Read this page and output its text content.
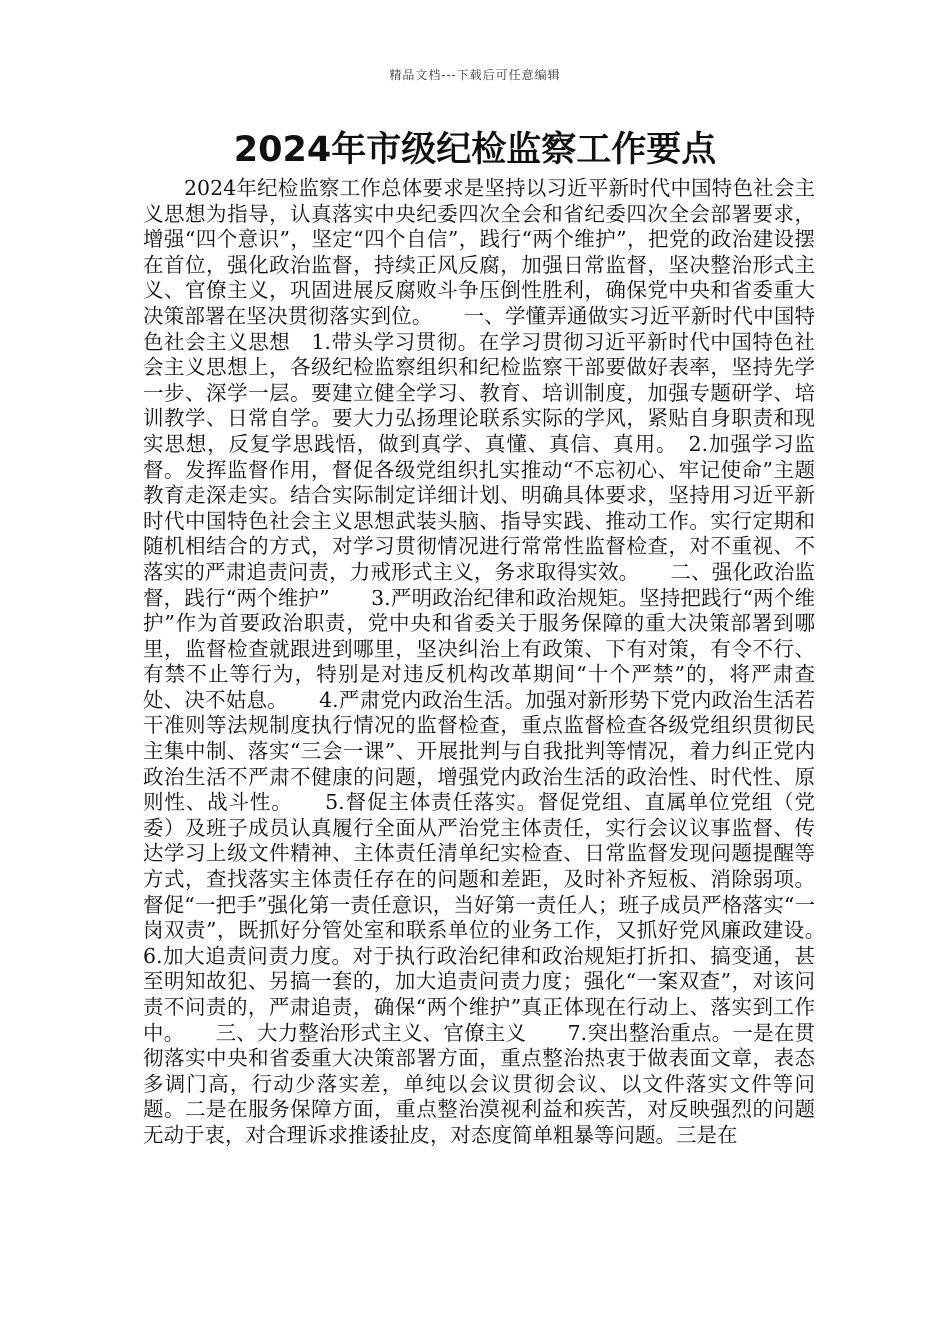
精品文档---下载后可任意编辑
2024年市级纪检监察工作要点

2024年纪检监察工作总体要求是坚持以习近平新时代中国特色社会主义思想为指导，认真落实中央纪委四次全会和省纪委四次全会部署要求，增强“四个意识”，坚定“四个自信”，践行“两个维护”，把党的政治建设摆在首位，强化政治监督，持续正风反腐，加强日常监督，坚决整治形式主义、官僚主义，巩固进展反腐败斗争压倒性胜利，确保党中央和省委重大决策部署在坚决贯彻落实到位。　　一、学懂弄通做实习近平新时代中国特色社会主义思想　1.带头学习贯彻。在学习贯彻习近平新时代中国特色社会主义思想上，各级纪检监察组织和纪检监察干部要做好表率，坚持先学一步、深学一层。要建立健全学习、教育、培训制度，加强专题研学、培训教学、日常自学。要大力弘扬理论联系实际的学风，紧贴自身职责和现实思想，反复学思践悟，做到真学、真懂、真信、真用。　2.加强学习监督。发挥监督作用，督促各级党组织扎实推动“不忘初心、牢记使命”主题教育走深走实。结合实际制定详细计划、明确具体要求，坚持用习近平新时代中国特色社会主义思想武装头脑、指导实践、推动工作。实行定期和随机相结合的方式，对学习贯彻情况进行常常性监督检查，对不重视、不落实的严肃追责问责，力戒形式主义，务求取得实效。　　二、强化政治监督，践行“两个维护”　　3.严明政治纪律和政治规矩。坚持把践行“两个维护”作为首要政治职责，党中央和省委关于服务保障的重大决策部署到哪里，监督检查就跟进到哪里，坚决纠治上有政策、下有对策，有令不行、有禁不止等行为，特别是对违反机构改革期间“十个严禁”的，将严肃查处、决不姑息。　　4.严肃党内政治生活。加强对新形势下党内政治生活若干准则等法规制度执行情况的监督检查，重点监督检查各级党组织贯彻民主集中制、落实“三会一课”、开展批判与自我批判等情况，着力纠正党内政治生活不严肃不健康的问题，增强党内政治生活的政治性、时代性、原则性、战斗性。　　5.督促主体责任落实。督促党组、直属单位党组（党委）及班子成员认真履行全面从严治党主体责任，实行会议议事监督、传达学习上级文件精神、主体责任清单纪实检查、日常监督发现问题提醒等方式，查找落实主体责任存在的问题和差距，及时补齐短板、消除弱项。督促“一把手”强化第一责任意识，当好第一责任人；班子成员严格落实“一岗双责”，既抓好分管处室和联系单位的业务工作，又抓好党风廉政建设。　　6.加大追责问责力度。对于执行政治纪律和政治规矩打折扣、搞变通，甚至明知故犯、另搞一套的，加大追责问责力度；强化“一案双查”，对该问责不问责的，严肃追责，确保“两个维护”真正体现在行动上、落实到工作中。　　三、大力整治形式主义、官僚主义　　7.突出整治重点。一是在贯彻落实中央和省委重大决策部署方面，重点整治热衷于做表面文章，表态多调门高，行动少落实差，单纯以会议贯彻会议、以文件落实文件等问题。二是在服务保障方面，重点整治漠视利益和疾苦，对反映强烈的问题无动于衷，对合理诉求推诿扯皮，对态度简单粗暴等问题。三是在
